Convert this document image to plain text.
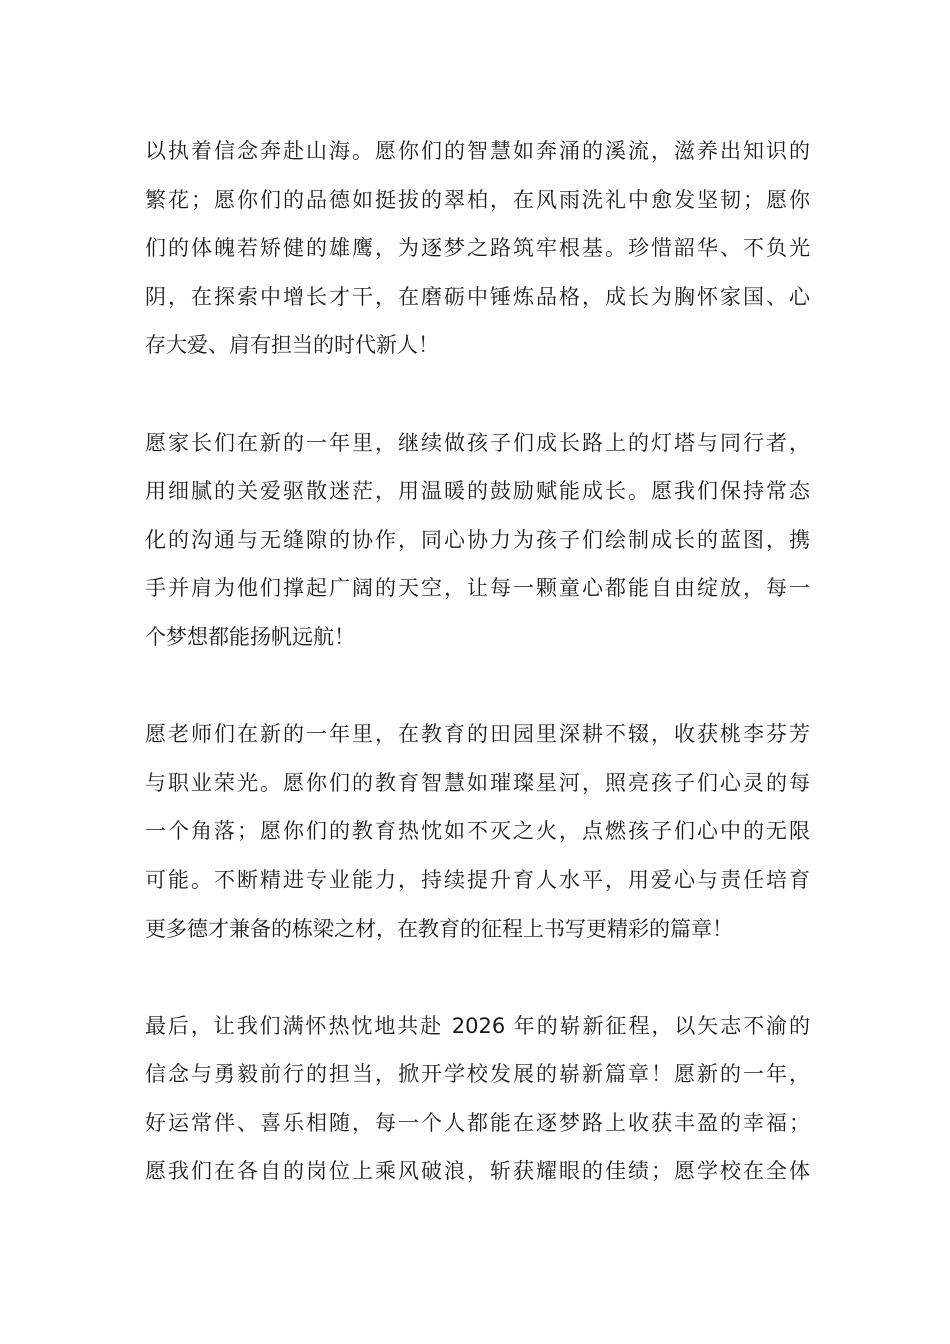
以执着信念奔赴山海。愿你们的智慧如奔涌的溪流，滋养出知识的
繁花；愿你们的品德如挺拔的翠柏，在风雨洗礼中愈发坚韧；愿你
们的体魄若矫健的雄鹰，为逐梦之路筑牢根基。珍惜韶华、不负光
阴，在探索中增长才干，在磨砺中锤炼品格，成长为胸怀家国、心
存大爱、肩有担当的时代新人！
愿家长们在新的一年里，继续做孩子们成长路上的灯塔与同行者，
用细腻的关爱驱散迷茫，用温暖的鼓励赋能成长。愿我们保持常态
化的沟通与无缝隙的协作，同心协力为孩子们绘制成长的蓝图，携
手并肩为他们撑起广阔的天空，让每一颗童心都能自由绽放，每一
个梦想都能扬帆远航！
愿老师们在新的一年里，在教育的田园里深耕不辍，收获桃李芬芳
与职业荣光。愿你们的教育智慧如璀璨星河，照亮孩子们心灵的每
一个角落；愿你们的教育热忱如不灭之火，点燃孩子们心中的无限
可能。不断精进专业能力，持续提升育人水平，用爱心与责任培育
更多德才兼备的栋梁之材，在教育的征程上书写更精彩的篇章！
最后，让我们满怀热忱地共赴 2026 年的崭新征程，以矢志不渝的
信念与勇毅前行的担当，掀开学校发展的崭新篇章！愿新的一年，
好运常伴、喜乐相随，每一个人都能在逐梦路上收获丰盈的幸福；
愿我们在各自的岗位上乘风破浪，斩获耀眼的佳绩；愿学校在全体
